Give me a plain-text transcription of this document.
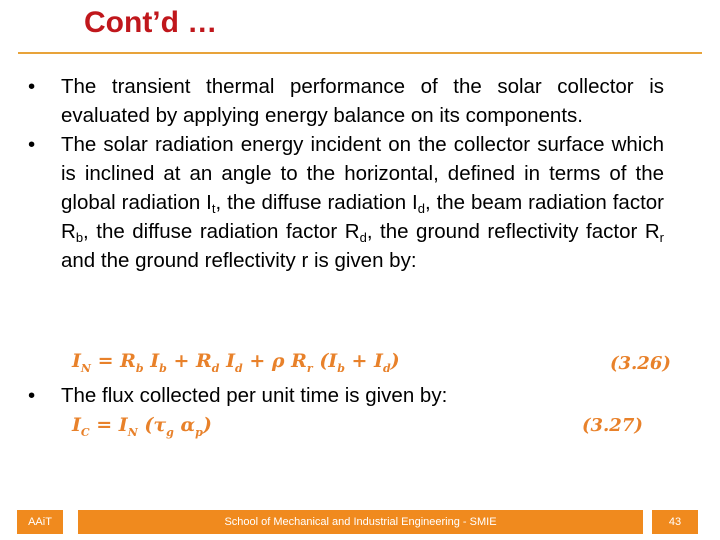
Cont’d …
• The transient thermal performance of the solar collector is evaluated by applying energy balance on its components.
• The solar radiation energy incident on the collector surface which is inclined at an angle to the horizontal, defined in terms of the global radiation $I_t$, the diffuse radiation $I_d$, the beam radiation factor $R_b$, the diffuse radiation factor $R_d$, the ground reflectivity factor $R_r$ and the ground reflectivity r is given by:
$I_N = R_b$ $I_b + R_d$ $I_d + \rho$ $R_r$ $(I_b + I_d)$	(3.26)
• The flux collected per unit time is given by:
$I_C = I_N$ ($\tau_g$ $\alpha_p$)	(3.27)
AAiT	School of Mechanical and Industrial Engineering - SMIE	43
